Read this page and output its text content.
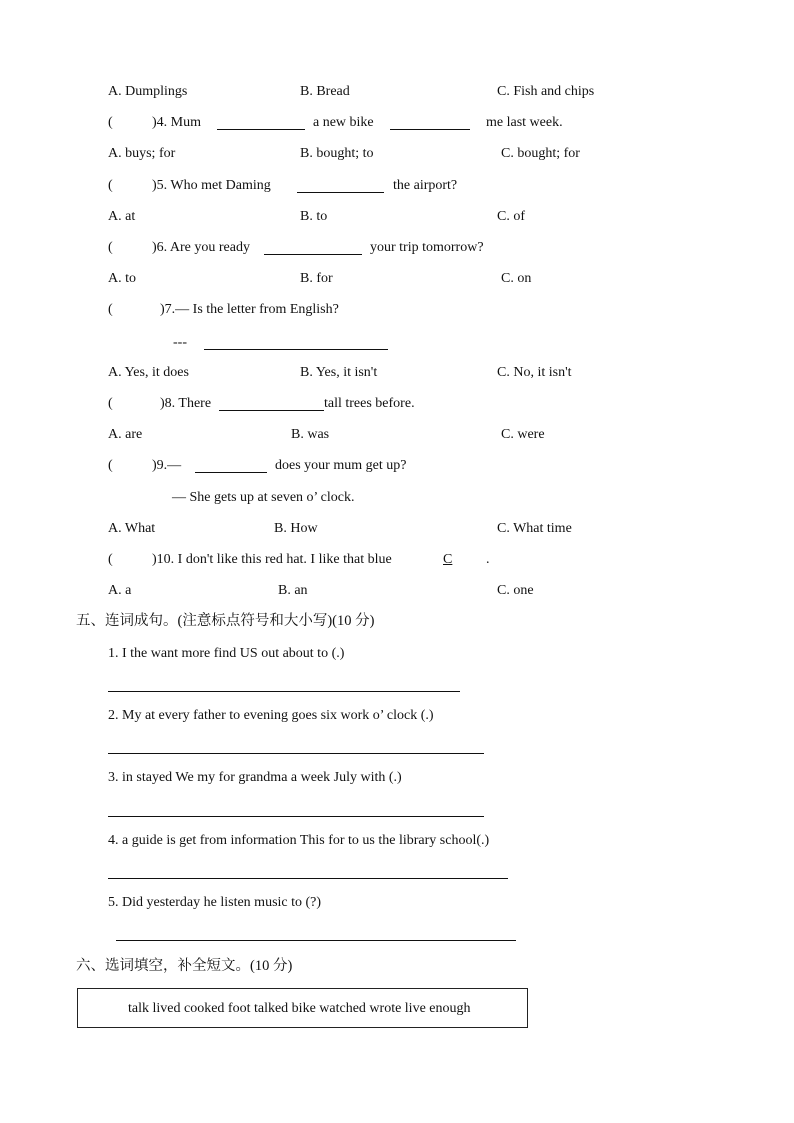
A. Dumplings	B. Bread	C. Fish and chips
(	)4. Mum	a new bike	me last week.
A. buys; for	B. bought; to	C. bought; for
(	)5. Who met Daming	the airport?
A. at	B. to	C. of
(	)6. Are you ready	your trip tomorrow?
A. to	B. for	C. on
(	)7.— Is the letter from English?
---
A. Yes, it does	B. Yes, it isn't	C. No, it isn't
(	)8. There	tall trees before.
A. are	B. was	C. were
(	)9.—	does your mum get up?
— She gets up at seven o’ clock.
A. What	B. How	C. What time
(	)10. I don't like this red hat. I like that blue	C .
A. a	B. an	C. one
五、连词成句。(注意标点符号和大小写)(10 分)
1. I the want more find US out about to (.)
2. My at every father to evening goes six work o’ clock (.)
3. in stayed We my for grandma a week July with (.)
4. a guide is get from information This for to us the library school(.)
5. Did yesterday he listen music to (?)
六、选词填空，补全短文。(10 分)
talk lived cooked foot talked bike watched wrote live enough
